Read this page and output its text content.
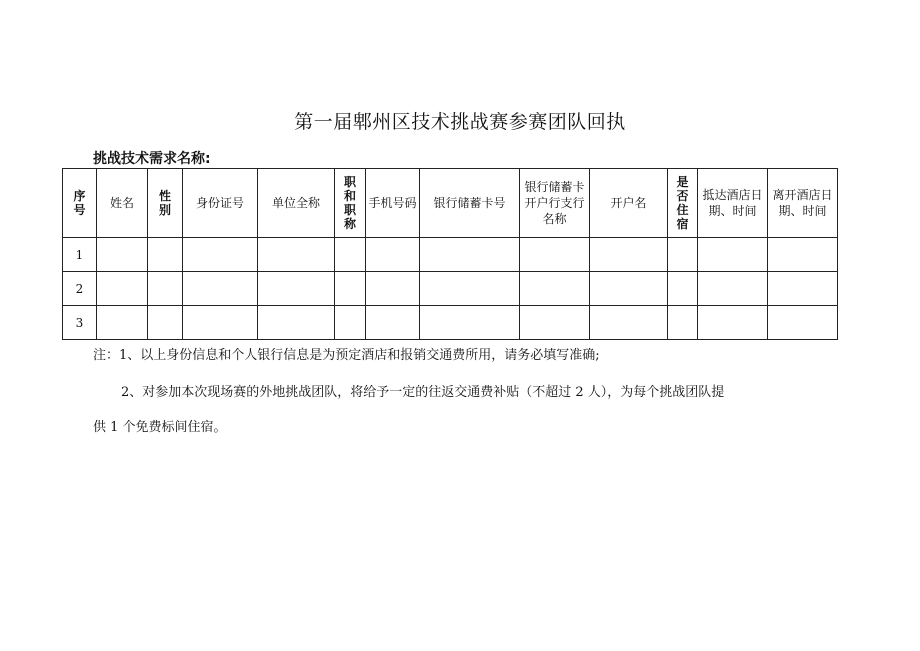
第一届郫州区技术挑战赛参赛团队回执
挑战技术需求名称:
序号	姓名	性别	身份证号	单位全称	职和职称	手机号码	银行储蓄卡号	银行储蓄卡开户行支行名称	开户名	是否住宿	抵达酒店日期、时间	离开酒店日期、时间

1												
2												
3												
注：1、以上身份信息和个人银行信息是为预定酒店和报销交通费所用，请务必填写准确;
2、对参加本次现场赛的外地挑战团队，将给予一定的往返交通费补贴（不超过 2 人），为每个挑战团队提
供 1 个免费标间住宿。
